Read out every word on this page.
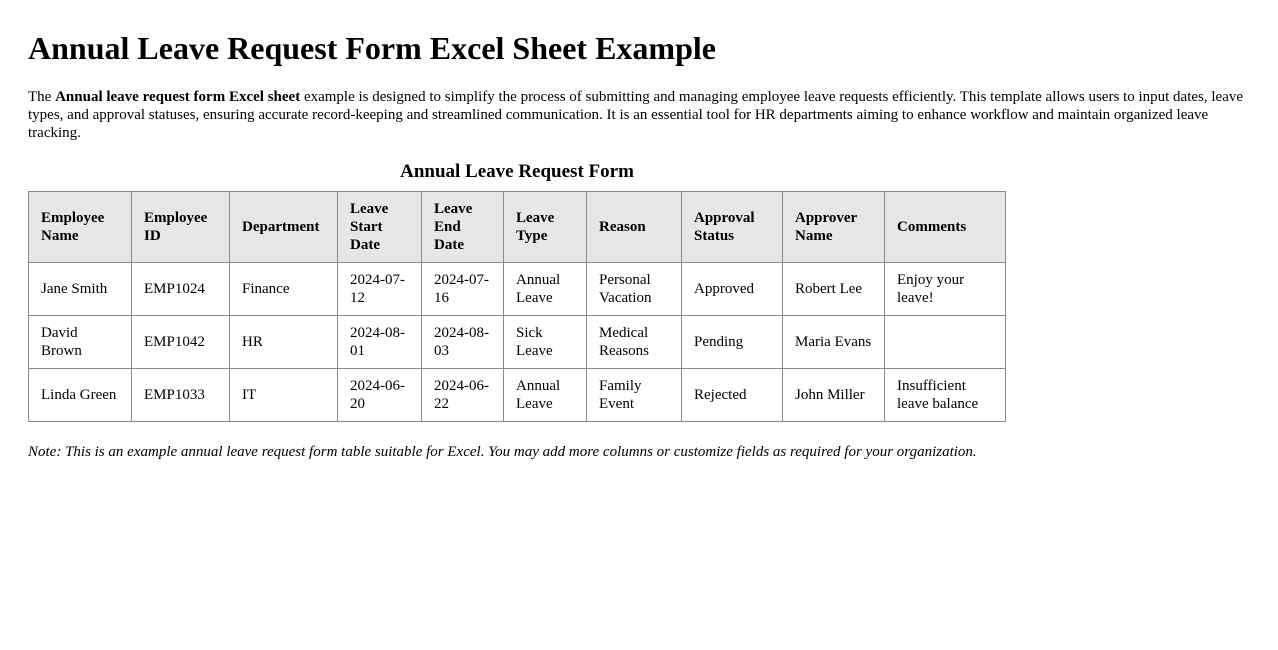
Annual Leave Request Form Excel Sheet Example

The Annual leave request form Excel sheet example is designed to simplify the process of submitting and managing employee leave requests efficiently. This template allows users to input dates, leave types, and approval statuses, ensuring accurate record-keeping and streamlined communication. It is an essential tool for HR departments aiming to enhance workflow and maintain organized leave tracking.

Annual Leave Request Form
Employee Name	Employee ID	Department	Leave Start Date	Leave End Date	Leave Type	Reason	Approval Status	Approver Name	Comments
Jane Smith	EMP1024	Finance	2024-07-12	2024-07-16	Annual Leave	Personal Vacation	Approved	Robert Lee	Enjoy your leave!
David Brown	EMP1042	HR	2024-08-01	2024-08-03	Sick Leave	Medical Reasons	Pending	Maria Evans	
Linda Green	EMP1033	IT	2024-06-20	2024-06-22	Annual Leave	Family Event	Rejected	John Miller	Insufficient leave balance
Note: This is an example annual leave request form table suitable for Excel. You may add more columns or customize fields as required for your organization.
